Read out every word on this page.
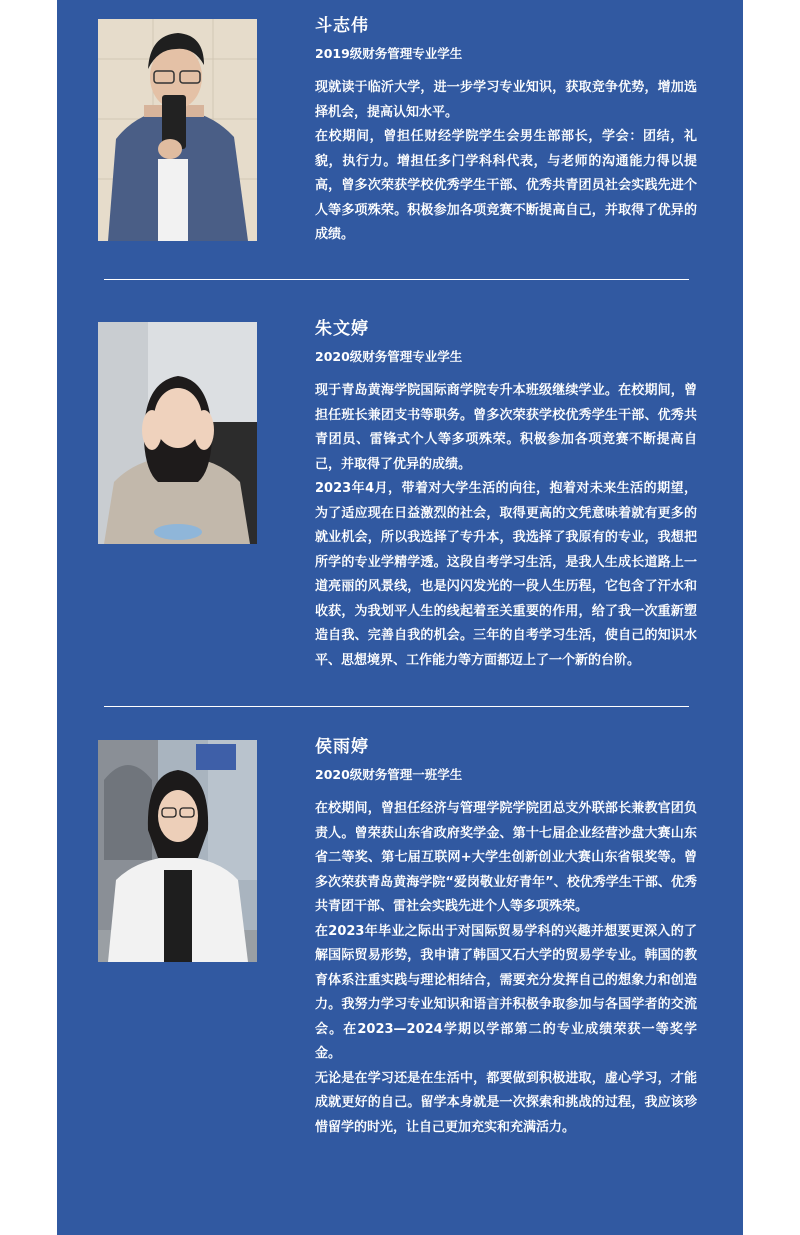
斗志伟
2019级财务管理专业学生

现就读于临沂大学，进一步学习专业知识，获取竞争优势，增加选择机会，提高认知水平。

在校期间，曾担任财经学院学生会男生部部长，学会：团结，礼貌，执行力。增担任多门学科科代表，与老师的沟通能力得以提高，曾多次荣获学校优秀学生干部、优秀共青团员社会实践先进个人等多项殊荣。积极参加各项竞赛不断提高自己，并取得了优异的成绩。

朱文婷
2020级财务管理专业学生

现于青岛黄海学院国际商学院专升本班级继续学业。在校期间，曾担任班长兼团支书等职务。曾多次荣获学校优秀学生干部、优秀共青团员、雷锋式个人等多项殊荣。积极参加各项竞赛不断提高自己，并取得了优异的成绩。

2023年4月，带着对大学生活的向往，抱着对未来生活的期望，为了适应现在日益激烈的社会，取得更高的文凭意味着就有更多的就业机会，所以我选择了专升本，我选择了我原有的专业，我想把所学的专业学精学透。这段自考学习生活，是我人生成长道路上一道亮丽的风景线，也是闪闪发光的一段人生历程，它包含了汗水和收获，为我划平人生的线起着至关重要的作用，给了我一次重新塑造自我、完善自我的机会。三年的自考学习生活，使自己的知识水平、思想境界、工作能力等方面都迈上了一个新的台阶。

侯雨婷
2020级财务管理一班学生

在校期间，曾担任经济与管理学院学院团总支外联部长兼教官团负责人。曾荣获山东省政府奖学金、第十七届企业经营沙盘大赛山东省二等奖、第七届互联网+大学生创新创业大赛山东省银奖等。曾多次荣获青岛黄海学院“爱岗敬业好青年”、校优秀学生干部、优秀共青团干部、雷社会实践先进个人等多项殊荣。

在2023年毕业之际出于对国际贸易学科的兴趣并想要更深入的了解国际贸易形势，我申请了韩国又石大学的贸易学专业。韩国的教育体系注重实践与理论相结合，需要充分发挥自己的想象力和创造力。我努力学习专业知识和语言并积极争取参加与各国学者的交流会。在2023—2024学期以学部第二的专业成绩荣获一等奖学金。

无论是在学习还是在生活中，都要做到积极进取，虚心学习，才能成就更好的自己。留学本身就是一次探索和挑战的过程，我应该珍惜留学的时光，让自己更加充实和充满活力。
